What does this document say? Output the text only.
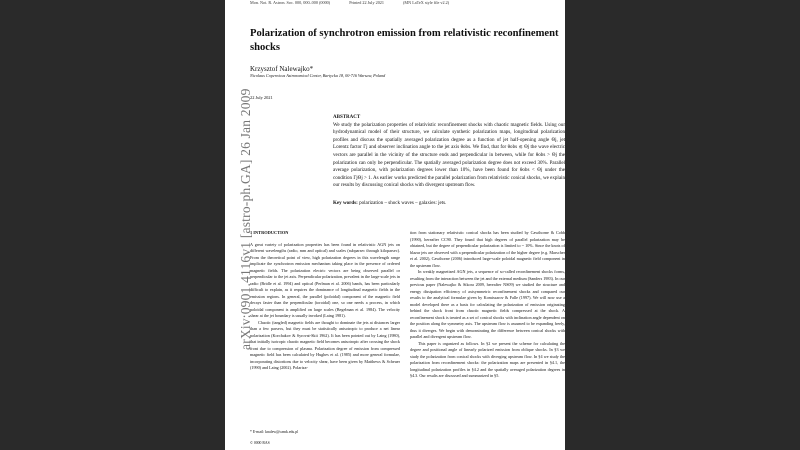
Mon. Not. R. Astron. Soc. 000, 000–000 (0000)	Printed 22 July 2021	(MN LaTeX style file v2.2)
Polarization of synchrotron emission from relativistic reconfinement shocks
Krzysztof Nalewajko*
Nicolaus Copernicus Astronomical Center, Bartycka 18, 00-716 Warsaw, Poland
22 July 2021
ABSTRACT

We study the polarization properties of relativistic reconfinement shocks with chaotic magnetic fields. Using our hydrodynamical model of their structure, we calculate synthetic polarization maps, longitudinal polarization profiles and discuss the spatially averaged polarization degree as a function of jet half-opening angle Θj, jet Lorentz factor Γj and observer inclination angle to the jet axis θobs. We find, that for θobs ≲ Θj the wave electric vectors are parallel in the vicinity of the structure ends and perpendicular in between, while for θobs > Θj the polarization can only be perpendicular. The spatially averaged polarization degree does not exceed 30%. Parallel average polarization, with polarization degrees lower than 10%, have been found for θobs < Θj under the condition ΓjΘj > 1. As earlier works predicted the parallel polarization from relativistic conical shocks, we explain our results by discussing conical shocks with divergent upstream flow.

Key words: polarization – shock waves – galaxies: jets.
1 INTRODUCTION

A great variety of polarization properties has been found in relativistic AGN jets on different wavelengths (radio, mm and optical) and scales (subparsec through kiloparsec). From the theoretical point of view, high polarization degrees in this wavelength range implicate the synchrotron emission mechanism taking place in the presence of ordered magnetic fields. The polarization electric vectors are being observed parallel or perpendicular to the jet axis. Perpendicular polarization, prevalent in the large-scale jets in radio (Bridle et al. 1994) and optical (Perlman et al. 2006) bands, has been particularly difficult to explain, as it requires the dominance of longitudinal magnetic fields in the emission regions. In general, the parallel (poloidal) component of the magnetic field decays faster than the perpendicular (toroidal) one, so one needs a process, in which poloidal component is amplified on large scales (Begelman et al. 1984). The velocity shear at the jet boundary is usually invoked (Laing 1981).

Chaotic (tangled) magnetic fields are thought to dominate the jets at distances larger than a few parsecs, but they must be statistically anisotropic to produce a net linear polarization (Korchakov & Syrovat-Skii 1962). It has been pointed out by Laing (1980), that initially isotropic chaotic magnetic field becomes anisotropic after crossing the shock front due to compression of plasma. Polarization degree of emission from compressed magnetic field has been calculated by Hughes et al. (1985) and more general formulae, incorporating distortions due to velocity shear, have been given by Matthews & Scheuer (1990) and Laing (2002). Polariza-

tion from stationary relativistic conical shocks has been studied by Cawthorne & Cobb (1990), hereafter CC90. They found that high degrees of parallel polarization may be obtained, but the degree of perpendicular polarization is limited to ~ 10%. Since the knots of blazar jets are observed with a perpendicular polarization of the higher degree (e.g. Marscher et al. 2002), Cawthorne (2006) introduced large-scale poloidal magnetic field component in the upstream flow.

In weakly magnetized AGN jets, a sequence of so-called reconfinement shocks forms, resulting from the interaction between the jet and the external medium (Sanders 1983). In our previous paper (Nalewajko & Sikora 2009, hereafter NS09) we studied the structure and energy dissipation efficiency of axisymmetric reconfinement shocks and compared our results to the analytical formulae given by Komissarov & Falle (1997). We will now use a model developed there as a basis for calculating the polarization of emission originating behind the shock front from chaotic magnetic fields compressed at the shock. A reconfinement shock is treated as a set of conical shocks with inclination angle dependent on the position along the symmetry axis. The upstream flow is assumed to be expanding freely, thus it diverges. We begin with demonstrating the difference between conical shocks with parallel and divergent upstream flow.

This paper is organized as follows. In §2 we present the scheme for calculating the degree and positional angle of linearly polarized emission from oblique shocks. In §3 we study the polarization from conical shocks with diverging upstream flow. In §4 we study the polarization from reconfinement shocks: the polarization maps are presented in §4.1, the longitudinal polarization profiles in §4.2 and the spatially averaged polarization degrees in §4.3. Our results are discussed and summarized in §5.

* E-mail: knalew@camk.edu.pl
© 0000 RAS
arXiv:0901.4116v1 [astro-ph.GA] 26 Jan 2009
